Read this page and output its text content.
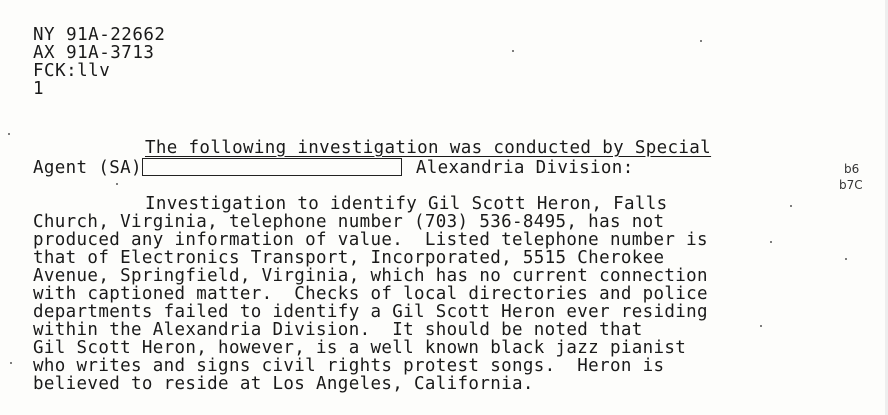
NY 91A-22662
AX 91A-3713
FCK:llv
1
The following investigation was conducted by Special
Agent (SA)	Alexandria Division:	b6
b7C
Investigation to identify Gil Scott Heron, Falls
Church, Virginia, telephone number (703) 536-8495, has not
produced any information of value.  Listed telephone number is
that of Electronics Transport, Incorporated, 5515 Cherokee
Avenue, Springfield, Virginia, which has no current connection
with captioned matter.  Checks of local directories and police
departments failed to identify a Gil Scott Heron ever residing
within the Alexandria Division.  It should be noted that
Gil Scott Heron, however, is a well known black jazz pianist
who writes and signs civil rights protest songs.  Heron is
believed to reside at Los Angeles, California.
